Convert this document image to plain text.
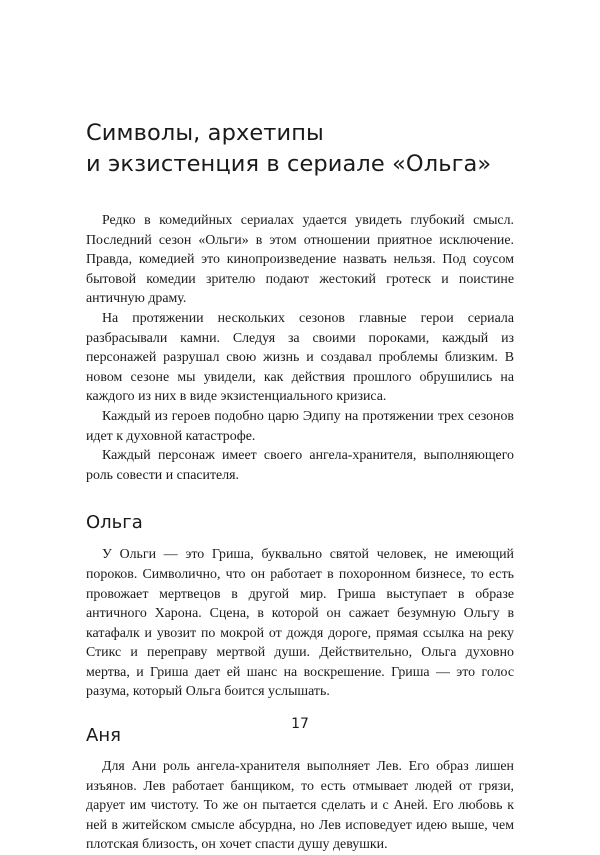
Символы, архетипы
и экзистенция в сериале «Ольга»

Редко в комедийных сериалах удается увидеть глубокий смысл. Последний сезон «Ольги» в этом отношении приятное исключение. Правда, комедией это кинопроизведение назвать нельзя. Под соусом бытовой комедии зрителю подают жестокий гротеск и поистине античную драму.

На протяжении нескольких сезонов главные герои сериала разбрасывали камни. Следуя за своими пороками, каждый из персонажей разрушал свою жизнь и создавал проблемы близким. В новом сезоне мы увидели, как действия прошлого обрушились на каждого из них в виде экзистенциального кризиса.

Каждый из героев подобно царю Эдипу на протяжении трех сезонов идет к духовной катастрофе.

Каждый персонаж имеет своего ангела-хранителя, выполняющего роль совести и спасителя.

Ольга

У Ольги — это Гриша, буквально святой человек, не имеющий пороков. Символично, что он работает в похоронном бизнесе, то есть провожает мертвецов в другой мир. Гриша выступает в образе античного Харона. Сцена, в которой он сажает безумную Ольгу в катафалк и увозит по мокрой от дождя дороге, прямая ссылка на реку Стикс и переправу мертвой души. Действительно, Ольга духовно мертва, и Гриша дает ей шанс на воскрешение. Гриша — это голос разума, который Ольга боится услышать.

Аня

Для Ани роль ангела-хранителя выполняет Лев. Его образ лишен изъянов. Лев работает банщиком, то есть отмывает людей от грязи, дарует им чистоту. То же он пытается сделать и с Аней. Его любовь к ней в житейском смысле абсурдна, но Лев исповедует идею выше, чем плотская близость, он хочет спасти душу девушки.

17
